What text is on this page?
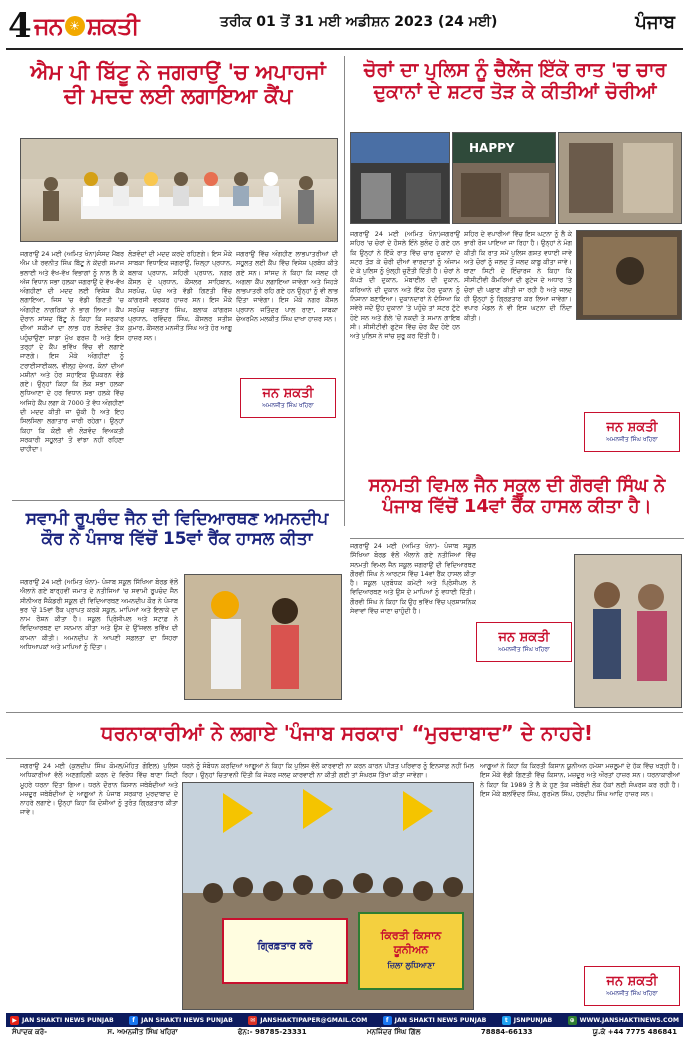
4 ਜਨ ☀ ਸ਼ਕਤੀ	ਤਰੀਕ 01 ਤੋਂ 31 ਮਈ ਅਡੀਸ਼ਨ 2023 (24 ਮਈ)	ਪੰਜਾਬ
ਐਮ ਪੀ ਬਿੱਟੂ ਨੇ ਜਗਰਾਉਂ 'ਚ ਅਪਾਹਜਾਂ
ਦੀ ਮਦਦ ਲਈ ਲਗਾਇਆ ਕੈਂਪ
ਜਗਰਾਉਂ 24 ਮਈ (ਅਮਿਤ ਖੰਨਾ)ਸੰਸਦ ਮੈਂਬਰ ਐਮ ਪੀ ਰਵਨੀਤ ਸਿੰਘ ਬਿੱਟੂ ਨੇ ਕੇਂਦਰੀ ਸਮਾਜ ਭਲਾਈ ਅਤੇ ਵੱਖ-ਵੱਖ ਵਿਭਾਗਾਂ ਨੂੰ ਨਾਲ ਲੈ ਕੇ ਅੱਜ ਵਿਧਾਨ ਸਭਾ ਹਲਕਾ ਜਗਰਾਉਂ ਦੇ ਵੱਖ-ਵੱਖ ਅੰਗਹੀਣਾਂ ਦੀ ਮਦਦ ਲਈ ਵਿਸ਼ੇਸ਼ ਕੈਂਪ ਲਗਾਇਆ, ਜਿਸ 'ਚ ਵੱਡੀ ਗਿਣਤੀ 'ਚ ਅੰਗਹੀਣ ਨਾਗਰਿਕਾਂ ਨੇ ਭਾਗ ਲਿਆ। ਕੈਂਪ ਦੌਰਾਨ ਸਾਂਸਦ ਬਿੱਟੂ ਨੇ ਕਿਹਾ ਕਿ ਸਰਕਾਰ ਦੀਆਂ ਸਕੀਮਾਂ ਦਾ ਲਾਭ ਹਰ ਲੋੜਵੰਦ ਤੱਕ ਪਹੁੰਚਾਉਣਾ ਸਾਡਾ ਮੁੱਖ ਫਰਜ਼ ਹੈ ਅਤੇ ਇਸ ਤਰ੍ਹਾਂ ਦੇ ਕੈਂਪ ਭਵਿੱਖ ਵਿੱਚ ਵੀ ਲਗਾਏ ਜਾਣਗੇ। ਇਸ ਮੌਕੇ ਅੰਗਹੀਣਾਂ ਨੂੰ ਟਰਾਈਸਾਈਕਲ, ਵੀਲ੍ਹ ਚੇਅਰ, ਕੰਨਾਂ ਦੀਆਂ ਮਸ਼ੀਨਾਂ ਅਤੇ ਹੋਰ ਸਹਾਇਕ ਉਪਕਰਨ ਵੰਡੇ ਗਏ। ਉਨ੍ਹਾਂ ਕਿਹਾ ਕਿ ਲੋਕ ਸਭਾ ਹਲਕਾ ਲੁਧਿਆਣਾ ਦੇ ਹਰ ਵਿਧਾਨ ਸਭਾ ਹਲਕੇ ਵਿੱਚ ਅਜਿਹੇ ਕੈਂਪ ਲਗਾ ਕੇ 7000 ਤੋਂ ਵੱਧ ਅੰਗਹੀਣਾਂ ਦੀ ਮਦਦ ਕੀਤੀ ਜਾ ਚੁੱਕੀ ਹੈ ਅਤੇ ਇਹ ਸਿਲਸਿਲਾ ਲਗਾਤਾਰ ਜਾਰੀ ਰਹੇਗਾ। ਉਨ੍ਹਾਂ ਕਿਹਾ ਕਿ ਕੋਈ ਵੀ ਲੋੜਵੰਦ ਵਿਅਕਤੀ ਸਰਕਾਰੀ ਸਹੂਲਤਾਂ ਤੋਂ ਵਾਂਝਾ ਨਹੀਂ ਰਹਿਣਾ ਚਾਹੀਦਾ।
ਲੋੜਵੰਦਾਂ ਦੀ ਮਦਦ ਕਰਦੇ ਰਹਿਣਗੇ। ਇਸ ਮੌਕੇ ਸਾਬਕਾ ਵਿਧਾਇਕ ਜਗਰਾਉਂ, ਜ਼ਿਲ੍ਹਾ ਪ੍ਰਧਾਨ, ਬਲਾਕ ਪ੍ਰਧਾਨ, ਸ਼ਹਿਰੀ ਪ੍ਰਧਾਨ, ਨਗਰ ਕੌਂਸਲ ਦੇ ਪ੍ਰਧਾਨ, ਕੌਂਸਲਰ ਸਾਹਿਬਾਨ, ਸਰਪੰਚ, ਪੰਚ ਅਤੇ ਵੱਡੀ ਗਿਣਤੀ ਵਿੱਚ ਕਾਂਗਰਸੀ ਵਰਕਰ ਹਾਜ਼ਰ ਸਨ। ਇਸ ਮੌਕੇ ਸਰਪੰਚ ਜਗਤਾਰ ਸਿੰਘ, ਬਲਾਕ ਕਾਂਗਰਸ ਪ੍ਰਧਾਨ, ਰਵਿੰਦਰ ਸਿੰਘ, ਕੌਂਸਲਰ ਸਤੀਸ਼ ਕੁਮਾਰ, ਕੌਂਸਲਰ ਮਨਜੀਤ ਸਿੰਘ ਅਤੇ ਹੋਰ ਆਗੂ ਹਾਜ਼ਰ ਸਨ।
ਜਗਰਾਉਂ ਵਿੱਚ ਅੰਗਹੀਣ ਲਾਭਪਾਤਰੀਆਂ ਦੀ ਸਹੂਲਤ ਲਈ ਕੈਂਪ ਵਿੱਚ ਵਿਸ਼ੇਸ਼ ਪ੍ਰਬੰਧ ਕੀਤੇ ਗਏ ਸਨ। ਸਾਂਸਦ ਨੇ ਕਿਹਾ ਕਿ ਜਲਦ ਹੀ ਅਗਲਾ ਕੈਂਪ ਲਗਾਇਆ ਜਾਵੇਗਾ ਅਤੇ ਜਿਹੜੇ ਲਾਭਪਾਤਰੀ ਰਹਿ ਗਏ ਹਨ ਉਨ੍ਹਾਂ ਨੂੰ ਵੀ ਲਾਭ ਦਿੱਤਾ ਜਾਵੇਗਾ। ਇਸ ਮੌਕੇ ਨਗਰ ਕੌਂਸਲ ਪ੍ਰਧਾਨ ਜਤਿੰਦਰ ਪਾਲ ਰਾਣਾ, ਸਾਬਕਾ ਚੇਅਰਮੈਨ ਮਲਕੀਤ ਸਿੰਘ ਦਾਖਾ ਹਾਜ਼ਰ ਸਨ।
ਜਨ ਸ਼ਕਤੀ
ਅਮਨਜੀਤ ਸਿੰਘ ਖਹਿਰਾ
ਚੋਰਾਂ ਦਾ ਪੁਲਿਸ ਨੂੰ ਚੈਲੇਂਜ ਇੱਕੋ ਰਾਤ 'ਚ ਚਾਰ
ਦੁਕਾਨਾਂ ਦੇ ਸ਼ਟਰ ਤੋੜ ਕੇ ਕੀਤੀਆਂ ਚੋਰੀਆਂ
HAPPY
ਜਗਰਾਉਂ 24 ਮਈ (ਅਮਿਤ ਖੰਨਾ)ਜਗਰਾਉਂ ਸ਼ਹਿਰ 'ਚ ਚੋਰਾਂ ਦੇ ਹੌਸਲੇ ਇੰਨੇ ਬੁਲੰਦ ਹੋ ਗਏ ਹਨ ਕਿ ਉਨ੍ਹਾਂ ਨੇ ਇੱਕੋ ਰਾਤ ਵਿੱਚ ਚਾਰ ਦੁਕਾਨਾਂ ਦੇ ਸ਼ਟਰ ਤੋੜ ਕੇ ਚੋਰੀ ਦੀਆਂ ਵਾਰਦਾਤਾਂ ਨੂੰ ਅੰਜਾਮ ਦੇ ਕੇ ਪੁਲਿਸ ਨੂੰ ਖੁੱਲ੍ਹੀ ਚੁਣੌਤੀ ਦਿੱਤੀ ਹੈ। ਚੋਰਾਂ ਨੇ ਕੱਪੜੇ ਦੀ ਦੁਕਾਨ, ਮੋਬਾਈਲ ਦੀ ਦੁਕਾਨ, ਕਰਿਆਨੇ ਦੀ ਦੁਕਾਨ ਅਤੇ ਇੱਕ ਹੋਰ ਦੁਕਾਨ ਨੂੰ ਨਿਸ਼ਾਨਾ ਬਣਾਇਆ। ਦੁਕਾਨਦਾਰਾਂ ਨੇ ਦੱਸਿਆ ਕਿ ਸਵੇਰੇ ਜਦੋਂ ਉਹ ਦੁਕਾਨਾਂ 'ਤੇ ਪਹੁੰਚੇ ਤਾਂ ਸ਼ਟਰ ਟੁੱਟੇ ਹੋਏ ਸਨ ਅਤੇ ਗੱਲੇ 'ਚੋਂ ਨਕਦੀ ਤੇ ਸਮਾਨ ਗਾਇਬ ਸੀ। ਸੀਸੀਟੀਵੀ ਫੁਟੇਜ ਵਿੱਚ ਚੋਰ ਕੈਦ ਹੋਏ ਹਨ ਅਤੇ ਪੁਲਿਸ ਨੇ ਜਾਂਚ ਸ਼ੁਰੂ ਕਰ ਦਿੱਤੀ ਹੈ।
ਸ਼ਹਿਰ ਦੇ ਵਪਾਰੀਆਂ ਵਿੱਚ ਇਸ ਘਟਨਾ ਨੂੰ ਲੈ ਕੇ ਭਾਰੀ ਰੋਸ ਪਾਇਆ ਜਾ ਰਿਹਾ ਹੈ। ਉਨ੍ਹਾਂ ਨੇ ਮੰਗ ਕੀਤੀ ਕਿ ਰਾਤ ਸਮੇਂ ਪੁਲਿਸ ਗਸ਼ਤ ਵਧਾਈ ਜਾਵੇ ਅਤੇ ਚੋਰਾਂ ਨੂੰ ਜਲਦ ਤੋਂ ਜਲਦ ਕਾਬੂ ਕੀਤਾ ਜਾਵੇ। ਥਾਣਾ ਸਿਟੀ ਦੇ ਇੰਚਾਰਜ ਨੇ ਕਿਹਾ ਕਿ ਸੀਸੀਟੀਵੀ ਕੈਮਰਿਆਂ ਦੀ ਫੁਟੇਜ ਦੇ ਅਧਾਰ 'ਤੇ ਚੋਰਾਂ ਦੀ ਪਛਾਣ ਕੀਤੀ ਜਾ ਰਹੀ ਹੈ ਅਤੇ ਜਲਦ ਹੀ ਉਨ੍ਹਾਂ ਨੂੰ ਗ੍ਰਿਫ਼ਤਾਰ ਕਰ ਲਿਆ ਜਾਵੇਗਾ। ਵਪਾਰ ਮੰਡਲ ਨੇ ਵੀ ਇਸ ਘਟਨਾ ਦੀ ਨਿੰਦਾ ਕੀਤੀ।
ਜਨ ਸ਼ਕਤੀ
ਅਮਨਜੀਤ ਸਿੰਘ ਖਹਿਰਾ
ਸਨਮਤੀ ਵਿਮਲ ਜੈਨ ਸਕੂਲ ਦੀ ਗੌਰਵੀ ਸਿੰਘ ਨੇ
ਪੰਜਾਬ ਵਿੱਚੋਂ 14ਵਾਂ ਰੈਂਕ ਹਾਸਲ ਕੀਤਾ ਹੈ।
ਜਗਰਾਉਂ 24 ਮਈ (ਅਮਿਤ ਖੰਨਾ)- ਪੰਜਾਬ ਸਕੂਲ ਸਿੱਖਿਆ ਬੋਰਡ ਵੱਲੋਂ ਐਲਾਨੇ ਗਏ ਨਤੀਜਿਆਂ ਵਿੱਚ ਸਨਮਤੀ ਵਿਮਲ ਜੈਨ ਸਕੂਲ ਜਗਰਾਉਂ ਦੀ ਵਿਦਿਆਰਥਣ ਗੌਰਵੀ ਸਿੰਘ ਨੇ ਆਰਟਸ ਵਿੱਚ 14ਵਾਂ ਰੈਂਕ ਹਾਸਲ ਕੀਤਾ ਹੈ। ਸਕੂਲ ਪ੍ਰਬੰਧਕ ਕਮੇਟੀ ਅਤੇ ਪ੍ਰਿੰਸੀਪਲ ਨੇ ਵਿਦਿਆਰਥਣ ਅਤੇ ਉਸ ਦੇ ਮਾਪਿਆਂ ਨੂੰ ਵਧਾਈ ਦਿੱਤੀ। ਗੌਰਵੀ ਸਿੰਘ ਨੇ ਕਿਹਾ ਕਿ ਉਹ ਭਵਿੱਖ ਵਿੱਚ ਪ੍ਰਸ਼ਾਸਨਿਕ ਸੇਵਾਵਾਂ ਵਿੱਚ ਜਾਣਾ ਚਾਹੁੰਦੀ ਹੈ।
ਜਨ ਸ਼ਕਤੀ
ਅਮਨਜੀਤ ਸਿੰਘ ਖਹਿਰਾ
ਸਵਾਮੀ ਰੂਪਚੰਦ ਜੈਨ ਦੀ ਵਿਦਿਆਰਥਣ ਅਮਨਦੀਪ
ਕੌਰ ਨੇ ਪੰਜਾਬ ਵਿੱਚੋਂ 15ਵਾਂ ਰੈਂਕ ਹਾਸਲ ਕੀਤਾ
ਜਗਰਾਉਂ 24 ਮਈ (ਅਮਿਤ ਖੰਨਾ)- ਪੰਜਾਬ ਸਕੂਲ ਸਿੱਖਿਆ ਬੋਰਡ ਵੱਲੋਂ ਐਲਾਨੇ ਗਏ ਬਾਰ੍ਹਵੀਂ ਜਮਾਤ ਦੇ ਨਤੀਜਿਆਂ 'ਚ ਸਵਾਮੀ ਰੂਪਚੰਦ ਜੈਨ ਸੀਨੀਅਰ ਸੈਕੰਡਰੀ ਸਕੂਲ ਦੀ ਵਿਦਿਆਰਥਣ ਅਮਨਦੀਪ ਕੌਰ ਨੇ ਪੰਜਾਬ ਭਰ 'ਚੋਂ 15ਵਾਂ ਰੈਂਕ ਪ੍ਰਾਪਤ ਕਰਕੇ ਸਕੂਲ, ਮਾਪਿਆਂ ਅਤੇ ਇਲਾਕੇ ਦਾ ਨਾਮ ਰੌਸ਼ਨ ਕੀਤਾ ਹੈ। ਸਕੂਲ ਪ੍ਰਿੰਸੀਪਲ ਅਤੇ ਸਟਾਫ਼ ਨੇ ਵਿਦਿਆਰਥਣ ਦਾ ਸਨਮਾਨ ਕੀਤਾ ਅਤੇ ਉਸ ਦੇ ਉੱਜਵਲ ਭਵਿੱਖ ਦੀ ਕਾਮਨਾ ਕੀਤੀ। ਅਮਨਦੀਪ ਨੇ ਆਪਣੀ ਸਫ਼ਲਤਾ ਦਾ ਸਿਹਰਾ ਅਧਿਆਪਕਾਂ ਅਤੇ ਮਾਪਿਆਂ ਨੂੰ ਦਿੱਤਾ।
ਧਰਨਾਕਾਰੀਆਂ ਨੇ ਲਗਾਏ 'ਪੰਜਾਬ ਸਰਕਾਰ' “ਮੁਰਦਾਬਾਦ” ਦੇ ਨਾਹਰੇ!
ਜਗਰਾਉਂ 24 ਮਈ (ਕੁਲਦੀਪ ਸਿੰਘ ਕੋਮਲ/ਮੋਹਿਤ ਗੋਇਲ) ਪੁਲਿਸ ਅਧਿਕਾਰੀਆਂ ਵੱਲੋਂ ਅਣਗਹਿਲੀ ਕਰਨ ਦੇ ਵਿਰੋਧ ਵਿੱਚ ਥਾਣਾ ਸਿਟੀ ਮੂਹਰੇ ਧਰਨਾ ਦਿੱਤਾ ਗਿਆ। ਧਰਨੇ ਦੌਰਾਨ ਕਿਸਾਨ ਜਥੇਬੰਦੀਆਂ ਅਤੇ ਮਜ਼ਦੂਰ ਜਥੇਬੰਦੀਆਂ ਦੇ ਆਗੂਆਂ ਨੇ ਪੰਜਾਬ ਸਰਕਾਰ ਮੁਰਦਾਬਾਦ ਦੇ ਨਾਹਰੇ ਲਗਾਏ। ਉਨ੍ਹਾਂ ਕਿਹਾ ਕਿ ਦੋਸ਼ੀਆਂ ਨੂੰ ਤੁਰੰਤ ਗ੍ਰਿਫ਼ਤਾਰ ਕੀਤਾ ਜਾਵੇ।
ਧਰਨੇ ਨੂੰ ਸੰਬੋਧਨ ਕਰਦਿਆਂ ਆਗੂਆਂ ਨੇ ਕਿਹਾ ਕਿ ਪੁਲਿਸ ਵੱਲੋਂ ਕਾਰਵਾਈ ਨਾ ਕਰਨ ਕਾਰਨ ਪੀੜਤ ਪਰਿਵਾਰ ਨੂੰ ਇਨਸਾਫ਼ ਨਹੀਂ ਮਿਲ ਰਿਹਾ। ਉਨ੍ਹਾਂ ਚਿਤਾਵਨੀ ਦਿੱਤੀ ਕਿ ਜੇਕਰ ਜਲਦ ਕਾਰਵਾਈ ਨਾ ਕੀਤੀ ਗਈ ਤਾਂ ਸੰਘਰਸ਼ ਤਿੱਖਾ ਕੀਤਾ ਜਾਵੇਗਾ।
ਗ੍ਰਿਫ਼ਤਾਰ ਕਰੋ
ਕਿਰਤੀ ਕਿਸਾਨ ਯੂਨੀਅਨ
ਜ਼ਿਲਾ ਲੁਧਿਆਣਾ
ਆਗੂਆਂ ਨੇ ਕਿਹਾ ਕਿ ਕਿਰਤੀ ਕਿਸਾਨ ਯੂਨੀਅਨ ਹਮੇਸ਼ਾ ਮਜ਼ਲੂਮਾਂ ਦੇ ਹੱਕ ਵਿੱਚ ਖੜ੍ਹੀ ਹੈ। ਇਸ ਮੌਕੇ ਵੱਡੀ ਗਿਣਤੀ ਵਿੱਚ ਕਿਸਾਨ, ਮਜ਼ਦੂਰ ਅਤੇ ਔਰਤਾਂ ਹਾਜ਼ਰ ਸਨ। ਧਰਨਾਕਾਰੀਆਂ ਨੇ ਕਿਹਾ ਕਿ 1989 ਤੋਂ ਲੈ ਕੇ ਹੁਣ ਤੱਕ ਜਥੇਬੰਦੀ ਲੋਕ ਹੱਕਾਂ ਲਈ ਸੰਘਰਸ਼ ਕਰ ਰਹੀ ਹੈ। ਇਸ ਮੌਕੇ ਬਲਵਿੰਦਰ ਸਿੰਘ, ਗੁਰਮੇਲ ਸਿੰਘ, ਹਰਦੀਪ ਸਿੰਘ ਆਦਿ ਹਾਜ਼ਰ ਸਨ।
ਜਨ ਸ਼ਕਤੀ
ਅਮਨਜੀਤ ਸਿੰਘ ਖਹਿਰਾ
▶ JAN SHAKTI NEWS PUNJAB	f JAN SHAKTI NEWS PUNJAB	✉ JANSHAKTIPAPER@GMAIL.COM	f JAN SHAKTI NEWS PUNJAB	t JSNPUNJAB	⊕ WWW.JANSHAKTINEWS.COM
ਸੰਪਾਦਕ ਕਰੋ-	ਸ. ਅਮਨਜੀਤ ਸਿੰਘ ਖਹਿਰਾ	ਫੋਨ:- 98785-23331	ਮਨਜਿੰਦਰ ਸਿੰਘ ਗਿੱਲ	78884-66133	ਯੂ.ਕੇ +44 7775 486841
